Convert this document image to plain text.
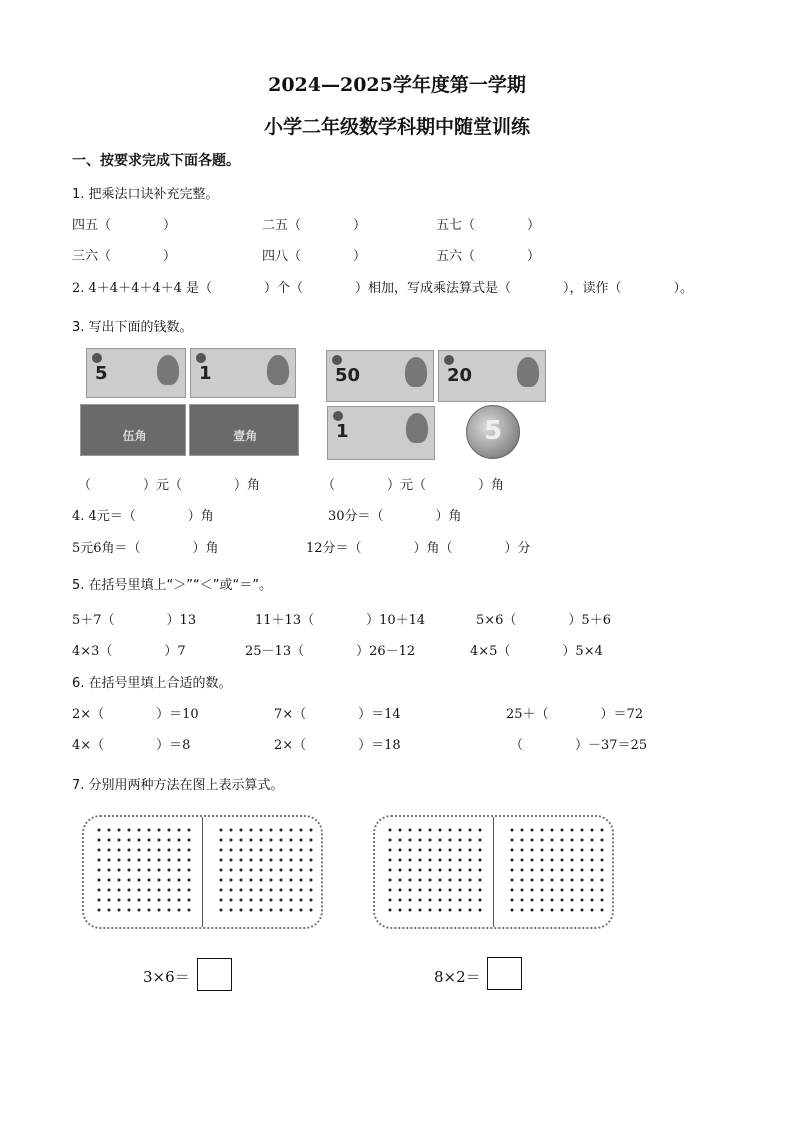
2024—2025学年度第一学期
小学二年级数学科期中随堂训练
一、按要求完成下面各题。
1. 把乘法口诀补充完整。
四五（　　　　）	二五（　　　　）	五七（　　　　）
三六（　　　　）	四八（　　　　）	五六（　　　　）
2. 4＋4＋4＋4＋4 是（　　　　）个（　　　　）相加，写成乘法算式是（　　　　），读作（　　　　）。
3. 写出下面的钱数。
5	1
伍角	壹角
50	20
1	5
（　　　　）元（　　　　）角	（　　　　）元（　　　　）角
4. 4元＝（　　　　）角	30分＝（　　　　）角
5元6角＝（　　　　）角	12分＝（　　　　）角（　　　　）分
5. 在括号里填上“＞”“＜”或“＝”。
5＋7（　　　　）13	11＋13（　　　　）10＋14	5×6（　　　　）5＋6
4×3（　　　　）7	25－13（　　　　）26－12	4×5（　　　　）5×4
6. 在括号里填上合适的数。
2×（　　　　）＝10	7×（　　　　）＝14	25＋（　　　　）＝72
4×（　　　　）＝8	2×（　　　　）＝18	（　　　　）－37＝25
7. 分别用两种方法在图上表示算式。
3×6＝	8×2＝
